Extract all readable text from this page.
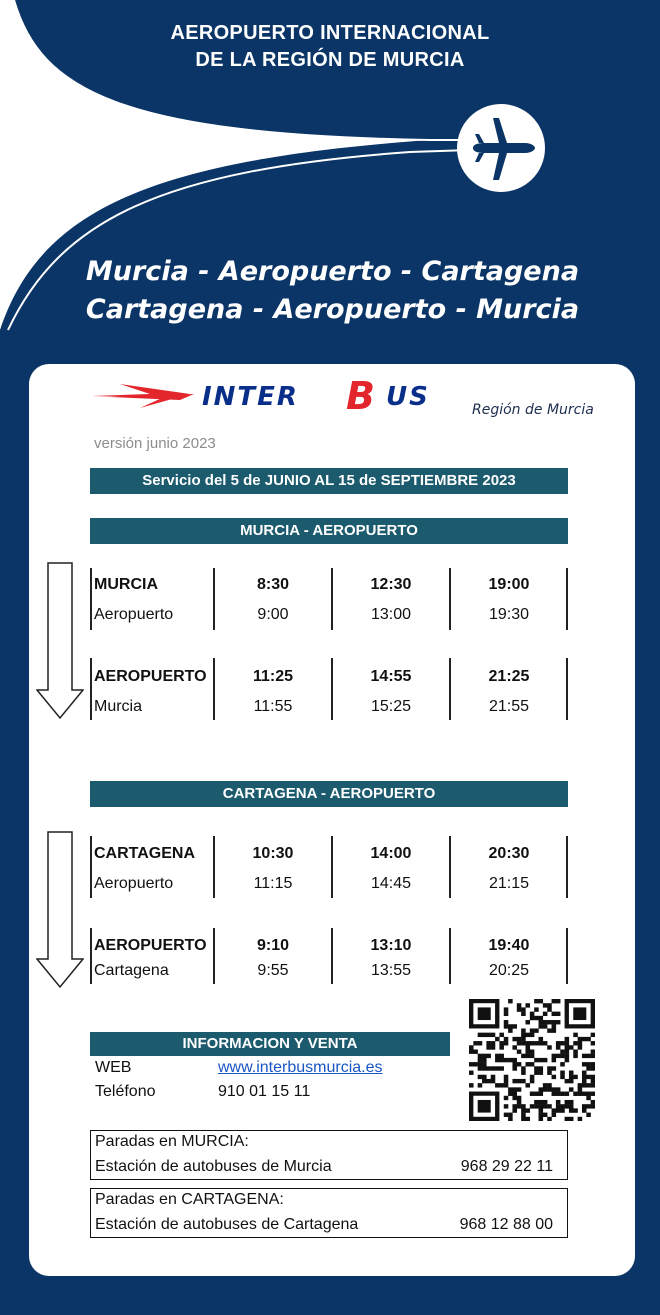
AEROPUERTO INTERNACIONAL
DE LA REGIÓN DE MURCIA
Murcia - Aeropuerto - Cartagena
Cartagena - Aeropuerto - Murcia
INTER B US	Región de Murcia
versión junio 2023
Servicio del 5 de JUNIO AL 15 de SEPTIEMBRE 2023
MURCIA - AEROPUERTO
MURCIA	8:30	12:30	19:00
Aeropuerto	9:00	13:00	19:30
AEROPUERTO	11:25	14:55	21:25
Murcia	11:55	15:25	21:55
CARTAGENA - AEROPUERTO
CARTAGENA	10:30	14:00	20:30
Aeropuerto	11:15	14:45	21:15
AEROPUERTO	9:10	13:10	19:40
Cartagena	9:55	13:55	20:25
INFORMACION Y VENTA
WEB	www.interbusmurcia.es
Teléfono	910 01 15 11
Paradas en MURCIA:
Estación de autobuses de Murcia	968 29 22 11
Paradas en CARTAGENA:
Estación de autobuses de Cartagena	968 12 88 00
